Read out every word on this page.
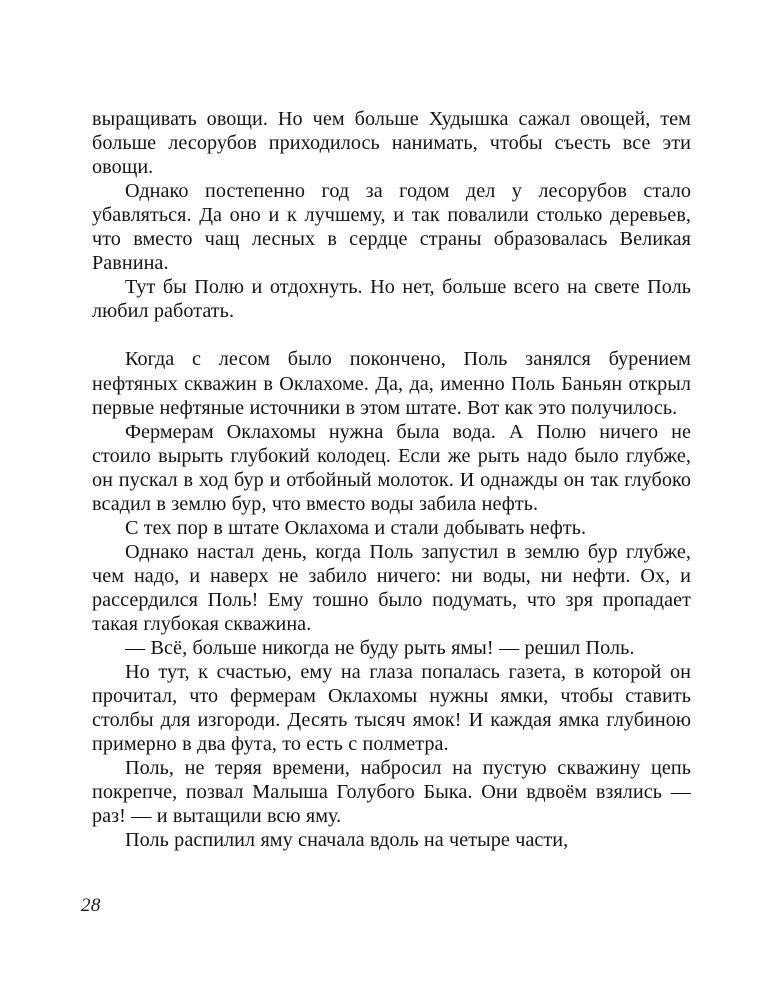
выращивать овощи. Но чем больше Худышка сажал овощей, тем больше лесорубов приходилось нанимать, чтобы съесть все эти овощи.

Однако постепенно год за годом дел у лесорубов стало убавляться. Да оно и к лучшему, и так повалили столько деревьев, что вместо чащ лесных в сердце страны образовалась Великая Равнина.

Тут бы Полю и отдохнуть. Но нет, больше всего на свете Поль любил работать.

Когда с лесом было покончено, Поль занялся бурением нефтяных скважин в Оклахоме. Да, да, именно Поль Баньян открыл первые нефтяные источники в этом штате. Вот как это получилось.

Фермерам Оклахомы нужна была вода. А Полю ничего не стоило вырыть глубокий колодец. Если же рыть надо было глубже, он пускал в ход бур и отбойный молоток. И однажды он так глубоко всадил в землю бур, что вместо воды забила нефть.

С тех пор в штате Оклахома и стали добывать нефть.

Однако настал день, когда Поль запустил в землю бур глубже, чем надо, и наверх не забило ничего: ни воды, ни нефти. Ох, и рассердился Поль! Ему тошно было подумать, что зря пропадает такая глубокая скважина.

— Всё, больше никогда не буду рыть ямы! — решил Поль.

Но тут, к счастью, ему на глаза попалась газета, в которой он прочитал, что фермерам Оклахомы нужны ямки, чтобы ставить столбы для изгороди. Десять тысяч ямок! И каждая ямка глубиною примерно в два фута, то есть с полметра.

Поль, не теряя времени, набросил на пустую скважину цепь покрепче, позвал Малыша Голубого Быка. Они вдвоём взялись — раз! — и вытащили всю яму.

Поль распилил яму сначала вдоль на четыре части,

28
